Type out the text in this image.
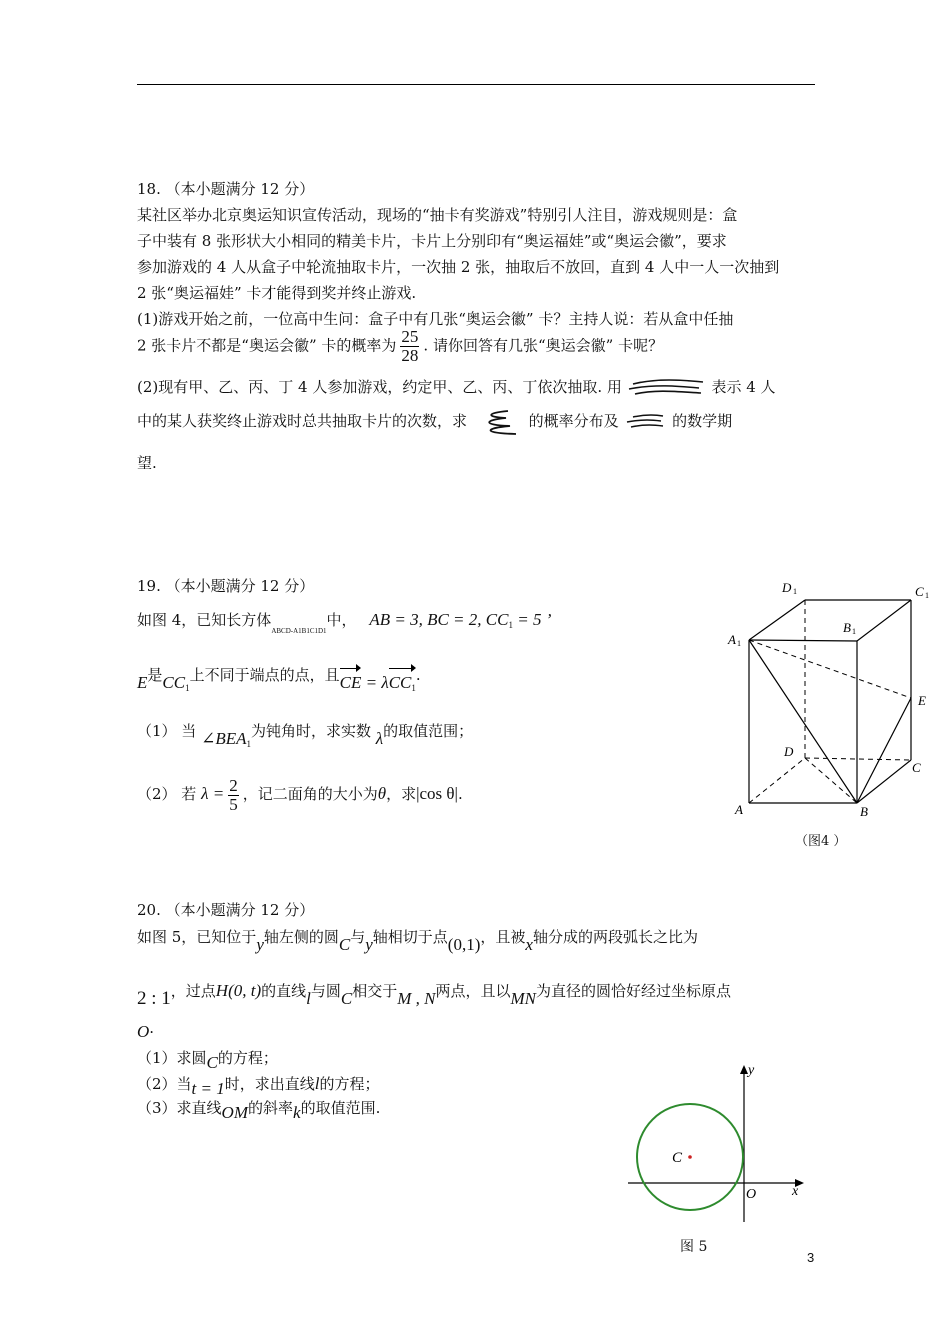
18. （本小题满分 12 分）
某社区举办北京奥运知识宣传活动，现场的“抽卡有奖游戏”特别引人注目，游戏规则是：盒
子中装有 8 张形状大小相同的精美卡片，卡片上分别印有“奥运福娃”或“奥运会徽”，要求
参加游戏的 4 人从盒子中轮流抽取卡片，一次抽 2 张，抽取后不放回，直到 4 人中一人一次抽到
2 张“奥运福娃” 卡才能得到奖并终止游戏.
(1)游戏开始之前，一位高中生问：盒子中有几张“奥运会徽” 卡？主持人说：若从盒中任抽
2 张卡片不都是“奥运会徽” 卡的概率为 $\frac{25}{28}$ . 请你回答有几张“奥运会徽” 卡呢？
(2)现有甲、乙、丙、丁 4 人参加游戏，约定甲、乙、丙、丁依次抽取. 用	表示 4 人
中的某人获奖终止游戏时总共抽取卡片的次数，求	的概率分布及	的数学期
望.
19. （本小题满分 12 分）
如图 4，已知长方体$_{ABCD-A1B1C1D1}$中， AB = 3, BC = 2, $CC_1 = 5$ ’
E是$CC_1$上不同于端点的点，且CE = λCC$_1$.
（1） 当 $\angle BEA_1$为钝角时，求实数 λ的取值范围；
（2） 若 $\lambda = \frac{2}{5}$ ，记二面角的大小为θ，求|cos θ|.
D 1	C 1
B 1
A 1
E
D
C
A	B
（图4 ）
20. （本小题满分 12 分）
如图 5，已知位于y轴左侧的圆C与y轴相切于点(0,1)，且被x轴分成的两段弧长之比为
2 : 1，过点H(0, t)的直线l与圆C相交于M , N两点，且以MN为直径的圆恰好经过坐标原点
O·
（1）求圆C的方程；
（2）当t = 1时，求出直线l的方程；
（3）求直线OM的斜率k的取值范围.
y
x
O
C
图 5
3
